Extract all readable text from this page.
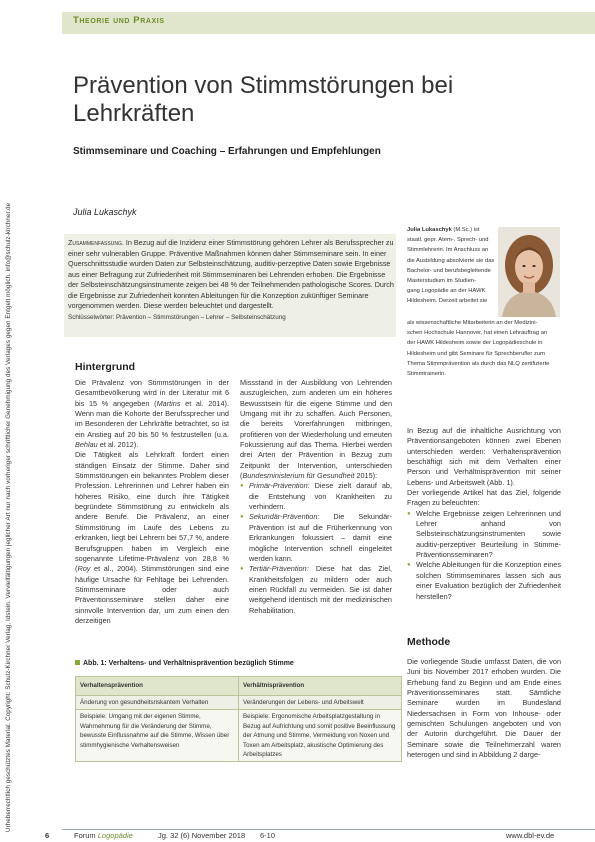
Urheberrechtlich geschütztes Material. Copyright: Schulz-Kirchner Verlag, Idstein. Vervielfältigungen jeglicher Art nur nach vorheriger schriftlicher Genehmigung des Verlages gegen Entgelt möglich. info@schulz-kirchner.de
Theorie und Praxis
Prävention von Stimmstörungen bei Lehrkräften
Stimmseminare und Coaching – Erfahrungen und Empfehlungen
Julia Lukaschyk
Zusammenfassung. In Bezug auf die Inzidenz einer Stimmstörung gehören Lehrer als Berufssprecher zu einer sehr vulnerablen Gruppe. Präventive Maßnahmen können daher Stimmseminare sein. In einer Querschnittsstudie wurden Daten zur Selbsteinschätzung, auditiv-perzeptive Daten sowie Ergebnisse aus einer Befragung zur Zufriedenheit mit Stimmseminaren bei Lehrenden erhoben. Die Ergebnisse der Selbsteinschätzungsinstrumente zeigen bei 48 % der Teilnehmenden pathologische Scores. Durch die Ergebnisse zur Zufriedenheit konnten Ableitungen für die Konzeption zukünftiger Seminare vorgenommen werden. Diese werden beleuchtet und dargestellt.
Schlüsselwörter: Prävention – Stimmstörungen – Lehrer – Selbsteinschätzung
Julia Lukaschyk (M.Sc.) ist
staatl. gepr. Atem-, Sprech- und
Stimmlehrerin. Im Anschluss an
die Ausbildung absolvierte sie das
Bachelor- und berufsbegleitende
Masterstudium im Studien-
gang Logopädie an der HAWK
Hildesheim. Derzeit arbeitet sie
als wissenschaftliche Mitarbeiterin an der Medizini-
schen Hochschule Hannover, hat einen Lehrauftrag an
der HAWK Hildesheim sowie der Logopädieschule in
Hildesheim und gibt Seminare für Sprechberufler zum
Thema Stimmprävention als durch das NLQ zertifizierte
Stimmtrainerin.
Hintergrund

Die Prävalenz von Stimmstörungen in der Gesamtbevölkerung wird in der Literatur mit 6 bis 15 % angegeben (Martins et al. 2014). Wenn man die Kohorte der Berufssprecher und im Besonderen der Lehrkräfte betrachtet, so ist ein Anstieg auf 20 bis 50 % festzustellen (u.a. Behlau et al. 2012).

Die Tätigkeit als Lehrkraft fordert einen ständigen Einsatz der Stimme. Daher sind Stimmstörungen ein bekanntes Problem dieser Profession. Lehrerinnen und Lehrer haben ein höheres Risiko, eine durch ihre Tätigkeit begründete Stimmstörung zu entwickeln als andere Berufe. Die Prävalenz, an einer Stimmstörung im Laufe des Lebens zu erkranken, liegt bei Lehrern bei 57,7 %, andere Berufsgruppen haben im Vergleich eine sogenannte Lifetime-Prävalenz von 28,8 % (Roy et al., 2004). Stimmstörungen sind eine häufige Ursache für Fehltage bei Lehrenden. Stimmseminare oder auch Präventionsseminare stellen daher eine sinnvolle Intervention dar, um zum einen den derzeitigen

Missstand in der Ausbildung von Lehrenden auszugleichen, zum anderen um ein höheres Bewusstsein für die eigene Stimme und den Umgang mit ihr zu schaffen. Auch Personen, die bereits Vorerfahrungen mitbringen, profitieren von der Wiederholung und erneuten Fokussierung auf das Thema. Hierbei werden drei Arten der Prävention in Bezug zum Zeitpunkt der Intervention, unterschieden (Bundesministerium für Gesundheit 2015):

● Primär-Prävention: Diese zielt darauf ab, die Entstehung von Krankheiten zu verhindern.
● Sekundär-Prävention: Die Sekundär-Prävention ist auf die Früherkennung von Erkrankungen fokussiert – damit eine mögliche Intervention schnell eingeleitet werden kann.
● Tertiär-Prävention: Diese hat das Ziel, Krankheitsfolgen zu mildern oder auch einen Rückfall zu vermeiden. Sie ist daher weitgehend identisch mit der medizinischen Rehabilitation.

In Bezug auf die inhaltliche Ausrichtung von Präventionsangeboten können zwei Ebenen unterschieden werden: Verhaltensprävention beschäftigt sich mit dem Verhalten einer Person und Verhältnisprävention mit seiner Lebens- und Arbeitswelt (Abb. 1).

Der vorliegende Artikel hat das Ziel, folgende Fragen zu beleuchten:

● Welche Ergebnisse zeigen Lehrerinnen und Lehrer anhand von Selbsteinschätzungsinstrumenten sowie auditiv-perzeptiver Beurteilung in Stimme-Präventionsseminaren?
● Welche Ableitungen für die Konzeption eines solchen Stimmseminares lassen sich aus einer Evaluation bezüglich der Zufriedenheit herstellen?
Methode
Die vorliegende Studie umfasst Daten, die von Juni bis November 2017 erhoben wurden. Die Erhebung fand zu Beginn und am Ende eines Präventionsseminares statt. Sämtliche Seminare wurden im Bundesland Niedersachsen in Form von Inhouse- oder gemischten Schulungen angeboten und von der Autorin durchgeführt. Die Dauer der Seminare sowie die Teilnehmerzahl waren heterogen und sind in Abbildung 2 darge-
Abb. 1: Verhaltens- und Verhältnisprävention bezüglich Stimme
Verhaltensprävention	Verhältnisprävention
Änderung von gesundheitsriskantem Verhalten	Veränderungen der Lebens- und Arbeitswelt
Beispiele: Umgang mit der eigenen Stimme, Wahrnehmung für die Veränderung der Stimme, bewusste Einflussnahme auf die Stimme, Wissen über stimmhygienische Verhaltensweisen	Beispiele: Ergonomische Arbeitsplatzgestaltung in Bezug auf Aufrichtung und somit positive Beeinflussung der Atmung und Stimme, Vermeidung von Noxen und Toxen am Arbeitsplatz, akustische Optimierung des Arbeitsplatzes
6	Forum Logopädie	Jg. 32 (6) November 2018 6-10	www.dbl-ev.de
